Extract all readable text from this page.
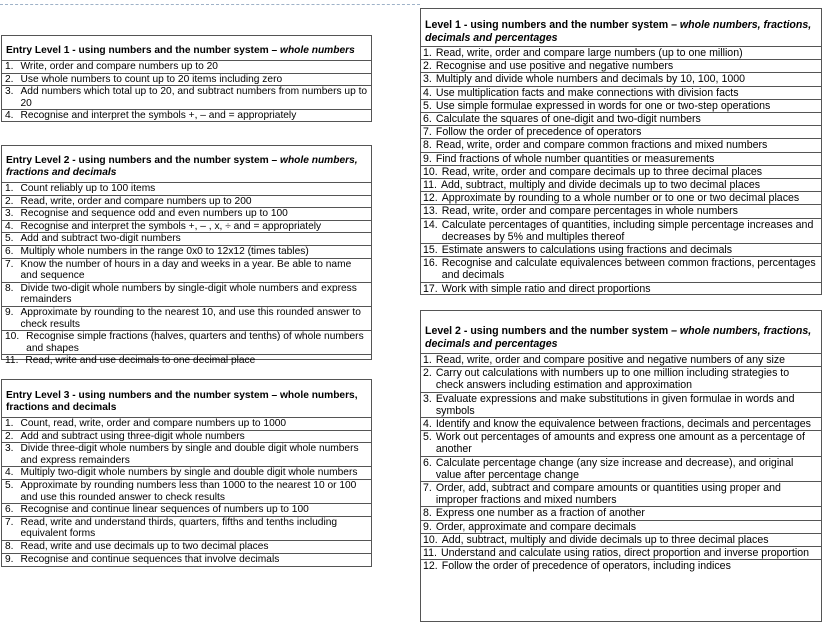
Entry Level 1 - using numbers and the number system – whole numbers
1. Write, order and compare numbers up to 20
2. Use whole numbers to count up to 20 items including zero
3. Add numbers which total up to 20, and subtract numbers from numbers up to 20
4. Recognise and interpret the symbols +, – and = appropriately
Entry Level 2 - using numbers and the number system – whole numbers, fractions and decimals
1. Count reliably up to 100 items
2. Read, write, order and compare numbers up to 200
3. Recognise and sequence odd and even numbers up to 100
4. Recognise and interpret the symbols +, – , x, ÷ and = appropriately
5. Add and subtract two-digit numbers
6. Multiply whole numbers in the range 0x0 to 12x12 (times tables)
7. Know the number of hours in a day and weeks in a year. Be able to name and sequence
8. Divide two-digit whole numbers by single-digit whole numbers and express remainders
9. Approximate by rounding to the nearest 10, and use this rounded answer to check results
10. Recognise simple fractions (halves, quarters and tenths) of whole numbers and shapes
11. Read, write and use decimals to one decimal place
Entry Level 3 - using numbers and the number system – whole numbers, fractions and decimals
1. Count, read, write, order and compare numbers up to 1000
2. Add and subtract using three-digit whole numbers
3. Divide three-digit whole numbers by single and double digit whole numbers and express remainders
4. Multiply two-digit whole numbers by single and double digit whole numbers
5. Approximate by rounding numbers less than 1000 to the nearest 10 or 100 and use this rounded answer to check results
6. Recognise and continue linear sequences of numbers up to 100
7. Read, write and understand thirds, quarters, fifths and tenths including equivalent forms
8. Read, write and use decimals up to two decimal places
9. Recognise and continue sequences that involve decimals
Level 1 - using numbers and the number system – whole numbers, fractions, decimals and percentages
1. Read, write, order and compare large numbers (up to one million)
2. Recognise and use positive and negative numbers
3. Multiply and divide whole numbers and decimals by 10, 100, 1000
4. Use multiplication facts and make connections with division facts
5. Use simple formulae expressed in words for one or two-step operations
6. Calculate the squares of one-digit and two-digit numbers
7. Follow the order of precedence of operators
8. Read, write, order and compare common fractions and mixed numbers
9. Find fractions of whole number quantities or measurements
10. Read, write, order and compare decimals up to three decimal places
11. Add, subtract, multiply and divide decimals up to two decimal places
12. Approximate by rounding to a whole number or to one or two decimal places
13. Read, write, order and compare percentages in whole numbers
14. Calculate percentages of quantities, including simple percentage increases and decreases by 5% and multiples thereof
15. Estimate answers to calculations using fractions and decimals
16. Recognise and calculate equivalences between common fractions, percentages and decimals
17. Work with simple ratio and direct proportions
Level 2 - using numbers and the number system – whole numbers, fractions, decimals and percentages
1. Read, write, order and compare positive and negative numbers of any size
2. Carry out calculations with numbers up to one million including strategies to check answers including estimation and approximation
3. Evaluate expressions and make substitutions in given formulae in words and symbols
4. Identify and know the equivalence between fractions, decimals and percentages
5. Work out percentages of amounts and express one amount as a percentage of another
6. Calculate percentage change (any size increase and decrease), and original value after percentage change
7. Order, add, subtract and compare amounts or quantities using proper and improper fractions and mixed numbers
8. Express one number as a fraction of another
9. Order, approximate and compare decimals
10. Add, subtract, multiply and divide decimals up to three decimal places
11. Understand and calculate using ratios, direct proportion and inverse proportion
12. Follow the order of precedence of operators, including indices
